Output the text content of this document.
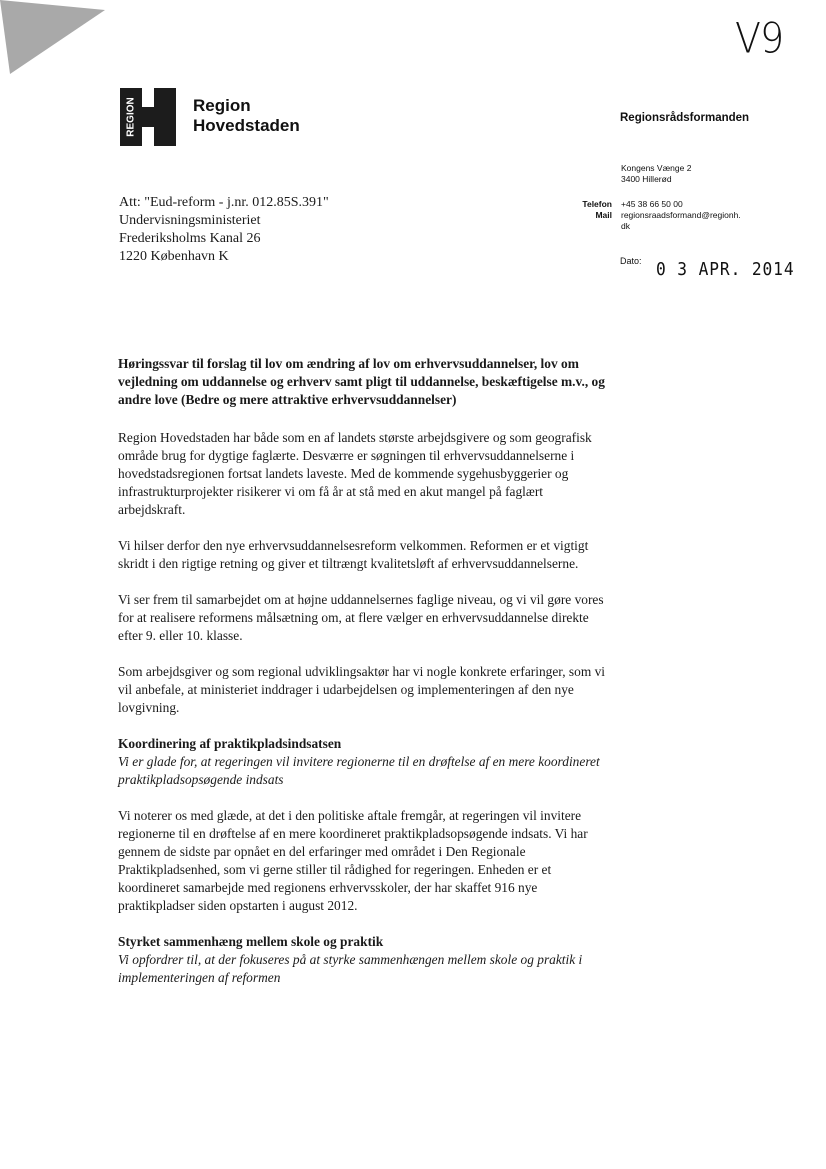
V9
REGION	Region
Hovedstaden	Regionsrådsformanden
Kongens Vænge 2
3400 Hillerød
Telefon	+45 38 66 50 00
Mail	regionsraadsformand@regionh.
dk
Dato: 0 3 APR. 2014
Att: "Eud-reform - j.nr. 012.85S.391"
Undervisningsministeriet
Frederiksholms Kanal 26
1220 København K

Høringssvar til forslag til lov om ændring af lov om erhvervsuddannelser, lov om vejledning om uddannelse og erhverv samt pligt til uddannelse, beskæftigelse m.v., og andre love (Bedre og mere attraktive erhvervsuddannelser)

Region Hovedstaden har både som en af landets største arbejdsgivere og som geografisk område brug for dygtige faglærte. Desværre er søgningen til erhvervsuddannelserne i hovedstadsregionen fortsat landets laveste. Med de kommende sygehusbyggerier og infrastrukturprojekter risikerer vi om få år at stå med en akut mangel på faglært arbejdskraft.

Vi hilser derfor den nye erhvervsuddannelsesreform velkommen. Reformen er et vigtigt skridt i den rigtige retning og giver et tiltrængt kvalitetsløft af erhvervsuddannelserne.

Vi ser frem til samarbejdet om at højne uddannelsernes faglige niveau, og vi vil gøre vores for at realisere reformens målsætning om, at flere vælger en erhvervsuddannelse direkte efter 9. eller 10. klasse.

Som arbejdsgiver og som regional udviklingsaktør har vi nogle konkrete erfaringer, som vi vil anbefale, at ministeriet inddrager i udarbejdelsen og implementeringen af den nye lovgivning.

Koordinering af praktikpladsindsatsen

Vi er glade for, at regeringen vil invitere regionerne til en drøftelse af en mere koordineret praktikpladsopsøgende indsats

Vi noterer os med glæde, at det i den politiske aftale fremgår, at regeringen vil invitere regionerne til en drøftelse af en mere koordineret praktikpladsopsøgende indsats. Vi har gennem de sidste par opnået en del erfaringer med området i Den Regionale Praktikpladsenhed, som vi gerne stiller til rådighed for regeringen. Enheden er et koordineret samarbejde med regionens erhvervsskoler, der har skaffet 916 nye praktikpladser siden opstarten i august 2012.

Styrket sammenhæng mellem skole og praktik

Vi opfordrer til, at der fokuseres på at styrke sammenhængen mellem skole og praktik i implementeringen af reformen
